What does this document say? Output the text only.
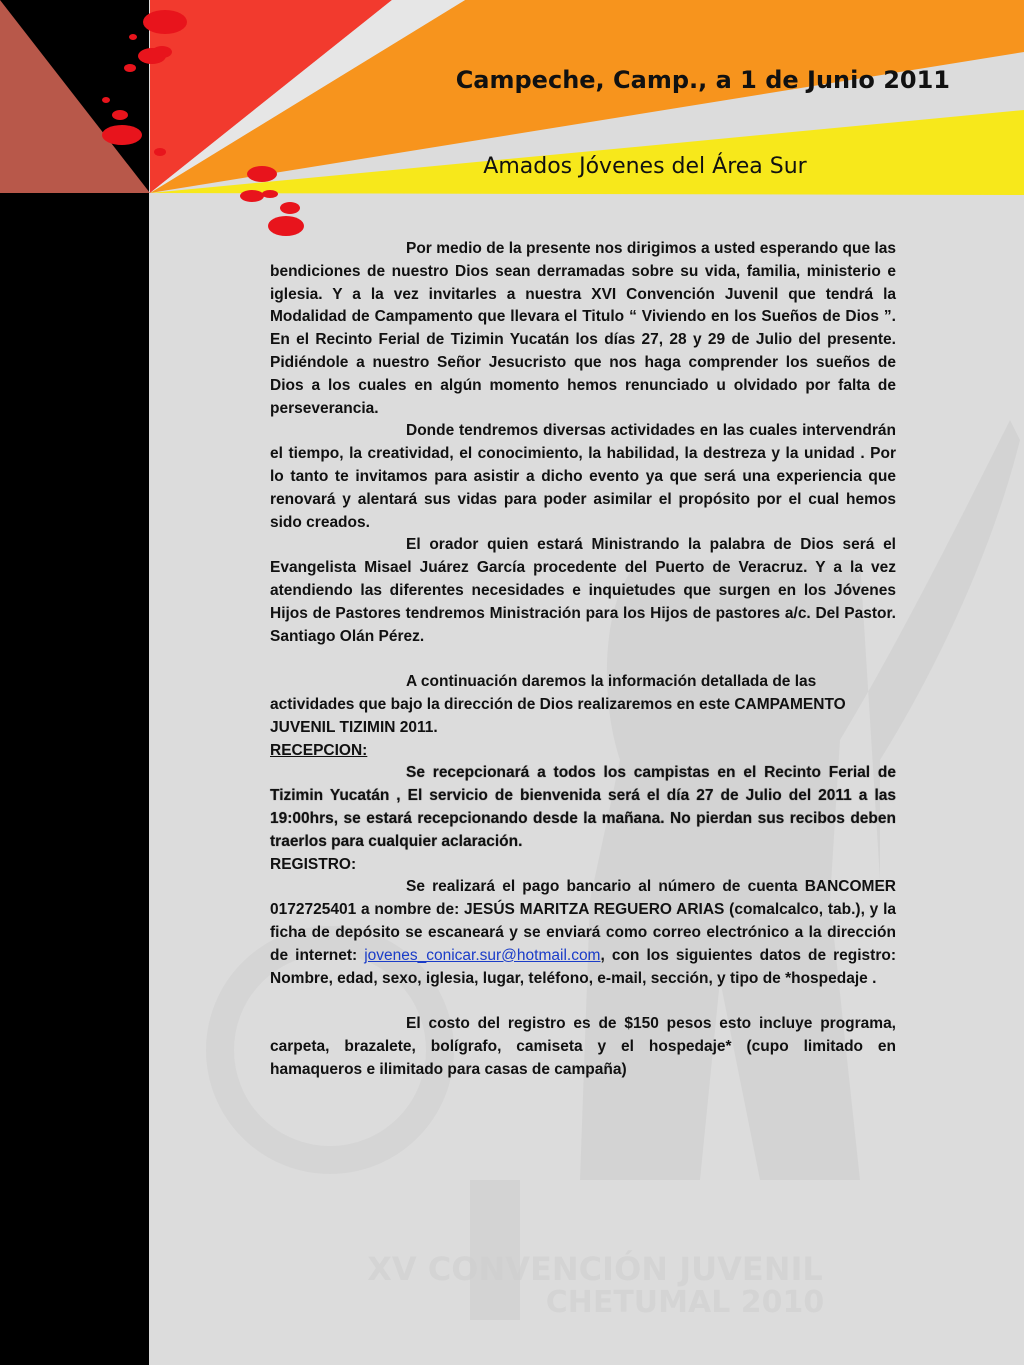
XV CONVENCIÓN JUVENIL
CHETUMAL 2010
Campeche, Camp., a 1 de Junio 2011
Amados Jóvenes del Área Sur

Por medio de la presente nos dirigimos a usted esperando que las bendiciones de nuestro Dios sean derramadas sobre su vida, familia, ministerio e iglesia. Y a la vez invitarles a nuestra XVI Convención Juvenil que tendrá la Modalidad de Campamento que llevara el Titulo “ Viviendo en los Sueños de Dios ”. En el Recinto Ferial de Tizimin Yucatán los días 27, 28 y 29 de Julio del presente. Pidiéndole a nuestro Señor Jesucristo que nos haga comprender los sueños de Dios a los cuales en algún momento hemos renunciado u olvidado por falta de perseverancia.

Donde tendremos diversas actividades en las cuales intervendrán el tiempo, la creatividad, el conocimiento, la habilidad, la destreza y la unidad . Por lo tanto te invitamos para asistir a dicho evento ya que será una experiencia que renovará y alentará sus vidas para poder asimilar el propósito por el cual hemos sido creados.

El orador quien estará Ministrando la palabra de Dios será el Evangelista Misael Juárez García procedente del Puerto de Veracruz. Y a la vez atendiendo las diferentes necesidades e inquietudes que surgen en los Jóvenes Hijos de Pastores tendremos Ministración para los Hijos de pastores a/c. Del Pastor. Santiago Olán Pérez.

A continuación daremos la información detallada de las actividades que bajo la dirección de Dios realizaremos en este CAMPAMENTO JUVENIL TIZIMIN 2011.

RECEPCION:

Se recepcionará a todos los campistas en el Recinto Ferial de Tizimin Yucatán , El servicio de bienvenida será el día 27 de Julio del 2011 a las 19:00hrs, se estará recepcionando desde la mañana. No pierdan sus recibos deben traerlos para cualquier aclaración.

REGISTRO:

Se realizará el pago bancario al número de cuenta BANCOMER 0172725401 a nombre de: JESÚS MARITZA REGUERO ARIAS (comalcalco, tab.), y la ficha de depósito se escaneará y se enviará como correo electrónico a la dirección de internet: jovenes_conicar.sur@hotmail.com, con los siguientes datos de registro: Nombre, edad, sexo, iglesia, lugar, teléfono, e-mail, sección, y tipo de *hospedaje .

El costo del registro es de $150 pesos esto incluye programa, carpeta, brazalete, bolígrafo, camiseta y el hospedaje* (cupo limitado en hamaqueros e ilimitado para casas de campaña)
